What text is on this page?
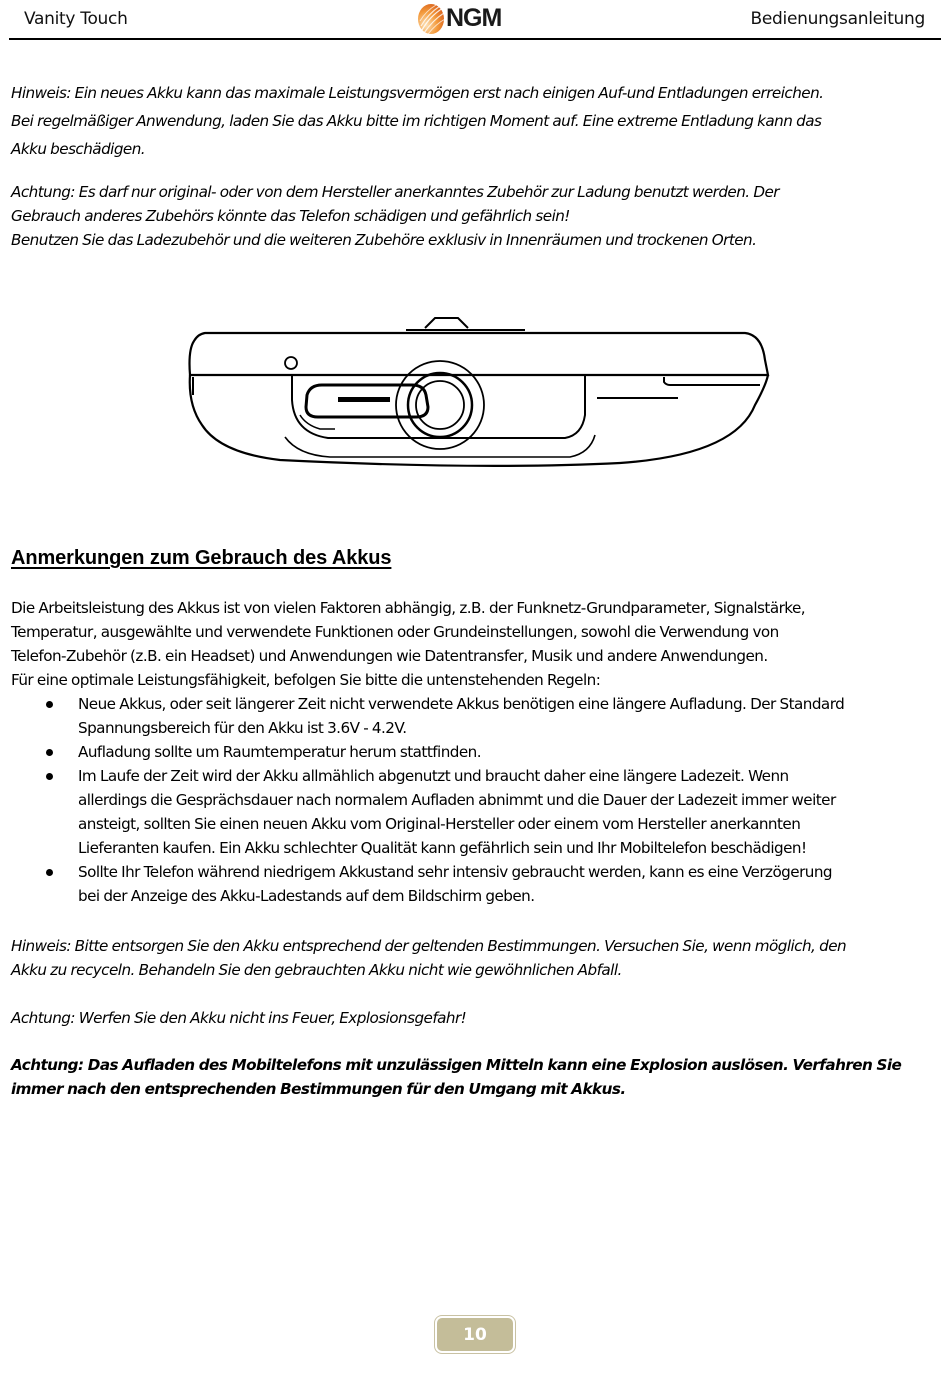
Vanity Touch	NGM	Bedienungsanleitung
Hinweis: Ein neues Akku kann das maximale Leistungsvermögen erst nach einigen Auf-und Entladungen erreichen.
Bei regelmäßiger Anwendung, laden Sie das Akku bitte im richtigen Moment auf. Eine extreme Entladung kann das
Akku beschädigen.
Achtung: Es darf nur original- oder von dem Hersteller anerkanntes Zubehör zur Ladung benutzt werden. Der
Gebrauch anderes Zubehörs könnte das Telefon schädigen und gefährlich sein!
Benutzen Sie das Ladezubehör und die weiteren Zubehöre exklusiv in Innenräumen und trockenen Orten.
Anmerkungen zum Gebrauch des Akkus
Die Arbeitsleistung des Akkus ist von vielen Faktoren abhängig, z.B. der Funknetz-Grundparameter, Signalstärke,
Temperatur, ausgewählte und verwendete Funktionen oder Grundeinstellungen, sowohl die Verwendung von
Telefon-Zubehör (z.B. ein Headset) und Anwendungen wie Datentransfer, Musik und andere Anwendungen.
Für eine optimale Leistungsfähigkeit, befolgen Sie bitte die untenstehenden Regeln:
Neue Akkus, oder seit längerer Zeit nicht verwendete Akkus benötigen eine längere Aufladung. Der Standard
Spannungsbereich für den Akku ist 3.6V - 4.2V.
Aufladung sollte um Raumtemperatur herum stattfinden.
Im Laufe der Zeit wird der Akku allmählich abgenutzt und braucht daher eine längere Ladezeit. Wenn
allerdings die Gesprächsdauer nach normalem Aufladen abnimmt und die Dauer der Ladezeit immer weiter
ansteigt, sollten Sie einen neuen Akku vom Original-Hersteller oder einem vom Hersteller anerkannten
Lieferanten kaufen. Ein Akku schlechter Qualität kann gefährlich sein und Ihr Mobiltelefon beschädigen!
Sollte Ihr Telefon während niedrigem Akkustand sehr intensiv gebraucht werden, kann es eine Verzögerung
bei der Anzeige des Akku-Ladestands auf dem Bildschirm geben.
Hinweis: Bitte entsorgen Sie den Akku entsprechend der geltenden Bestimmungen. Versuchen Sie, wenn möglich, den
Akku zu recyceln. Behandeln Sie den gebrauchten Akku nicht wie gewöhnlichen Abfall.
Achtung: Werfen Sie den Akku nicht ins Feuer, Explosionsgefahr!
Achtung: Das Aufladen des Mobiltelefons mit unzulässigen Mitteln kann eine Explosion auslösen. Verfahren Sie
immer nach den entsprechenden Bestimmungen für den Umgang mit Akkus.
10
